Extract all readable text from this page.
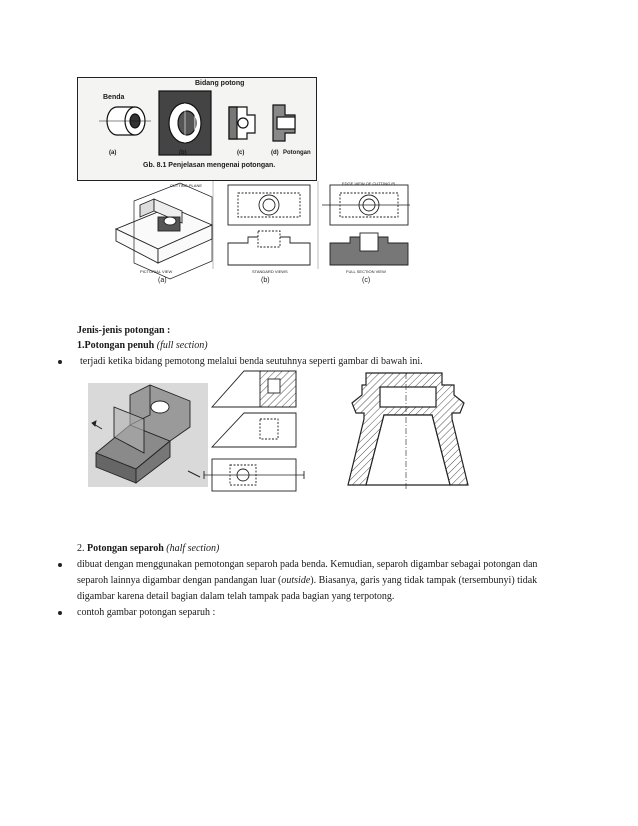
Benda
Bidang potong
Potongan
(a)	(b)	(c)	(d)
Gb. 8.1 Penjelasan mengenai potongan.
CUTTING PLANE
PICTORIAL VIEW	STANDARD VIEWS
EDGE VIEW OF CUTTING PL.
FULL SECTION VIEW
(a)	(b)	(c)
Jenis-jenis potongan :
1.Potongan penuh (full section)
terjadi ketika bidang pemotong melalui benda seutuhnya seperti gambar di bawah ini.
2. Potongan separoh (half section)
dibuat dengan menggunakan pemotongan separoh pada benda. Kemudian, separoh digambar sebagai potongan dan
separoh lainnya digambar dengan pandangan luar (outside). Biasanya, garis yang tidak tampak (tersembunyi) tidak
digambar karena detail bagian dalam telah tampak pada bagian yang terpotong.
contoh gambar potongan separuh :
